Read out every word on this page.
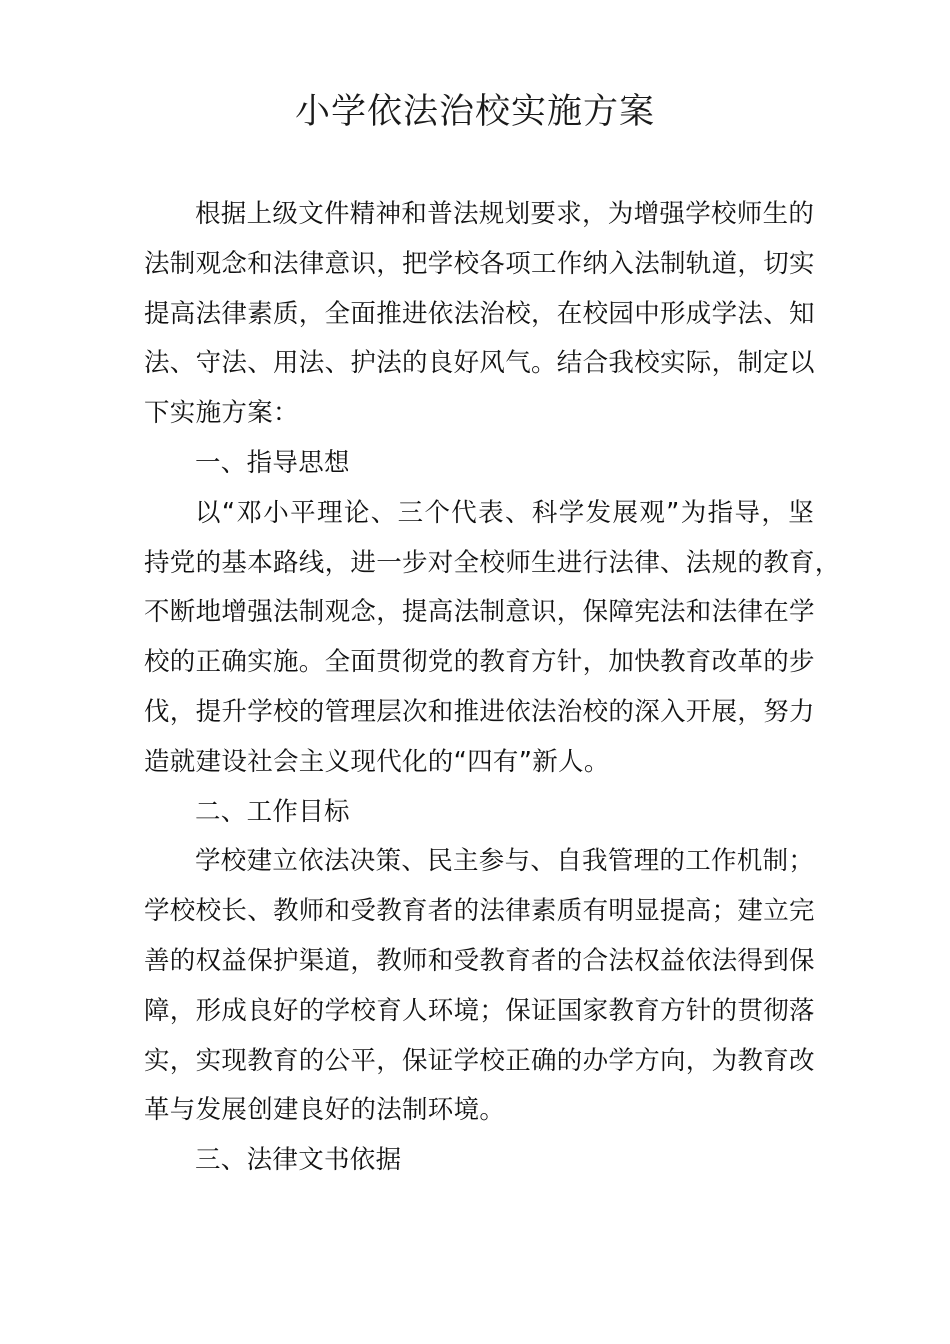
小学依法治校实施方案
根据上级文件精神和普法规划要求，为增强学校师生的
法制观念和法律意识，把学校各项工作纳入法制轨道，切实
提高法律素质，全面推进依法治校，在校园中形成学法、知
法、守法、用法、护法的良好风气。结合我校实际，制定以
下实施方案：
一、指导思想
以“邓小平理论、三个代表、科学发展观”为指导，坚
持党的基本路线，进一步对全校师生进行法律、法规的教育，
不断地增强法制观念，提高法制意识，保障宪法和法律在学
校的正确实施。全面贯彻党的教育方针，加快教育改革的步
伐，提升学校的管理层次和推进依法治校的深入开展，努力
造就建设社会主义现代化的“四有”新人。
二、工作目标
学校建立依法决策、民主参与、自我管理的工作机制；
学校校长、教师和受教育者的法律素质有明显提高；建立完
善的权益保护渠道，教师和受教育者的合法权益依法得到保
障，形成良好的学校育人环境；保证国家教育方针的贯彻落
实，实现教育的公平，保证学校正确的办学方向，为教育改
革与发展创建良好的法制环境。
三、法律文书依据
